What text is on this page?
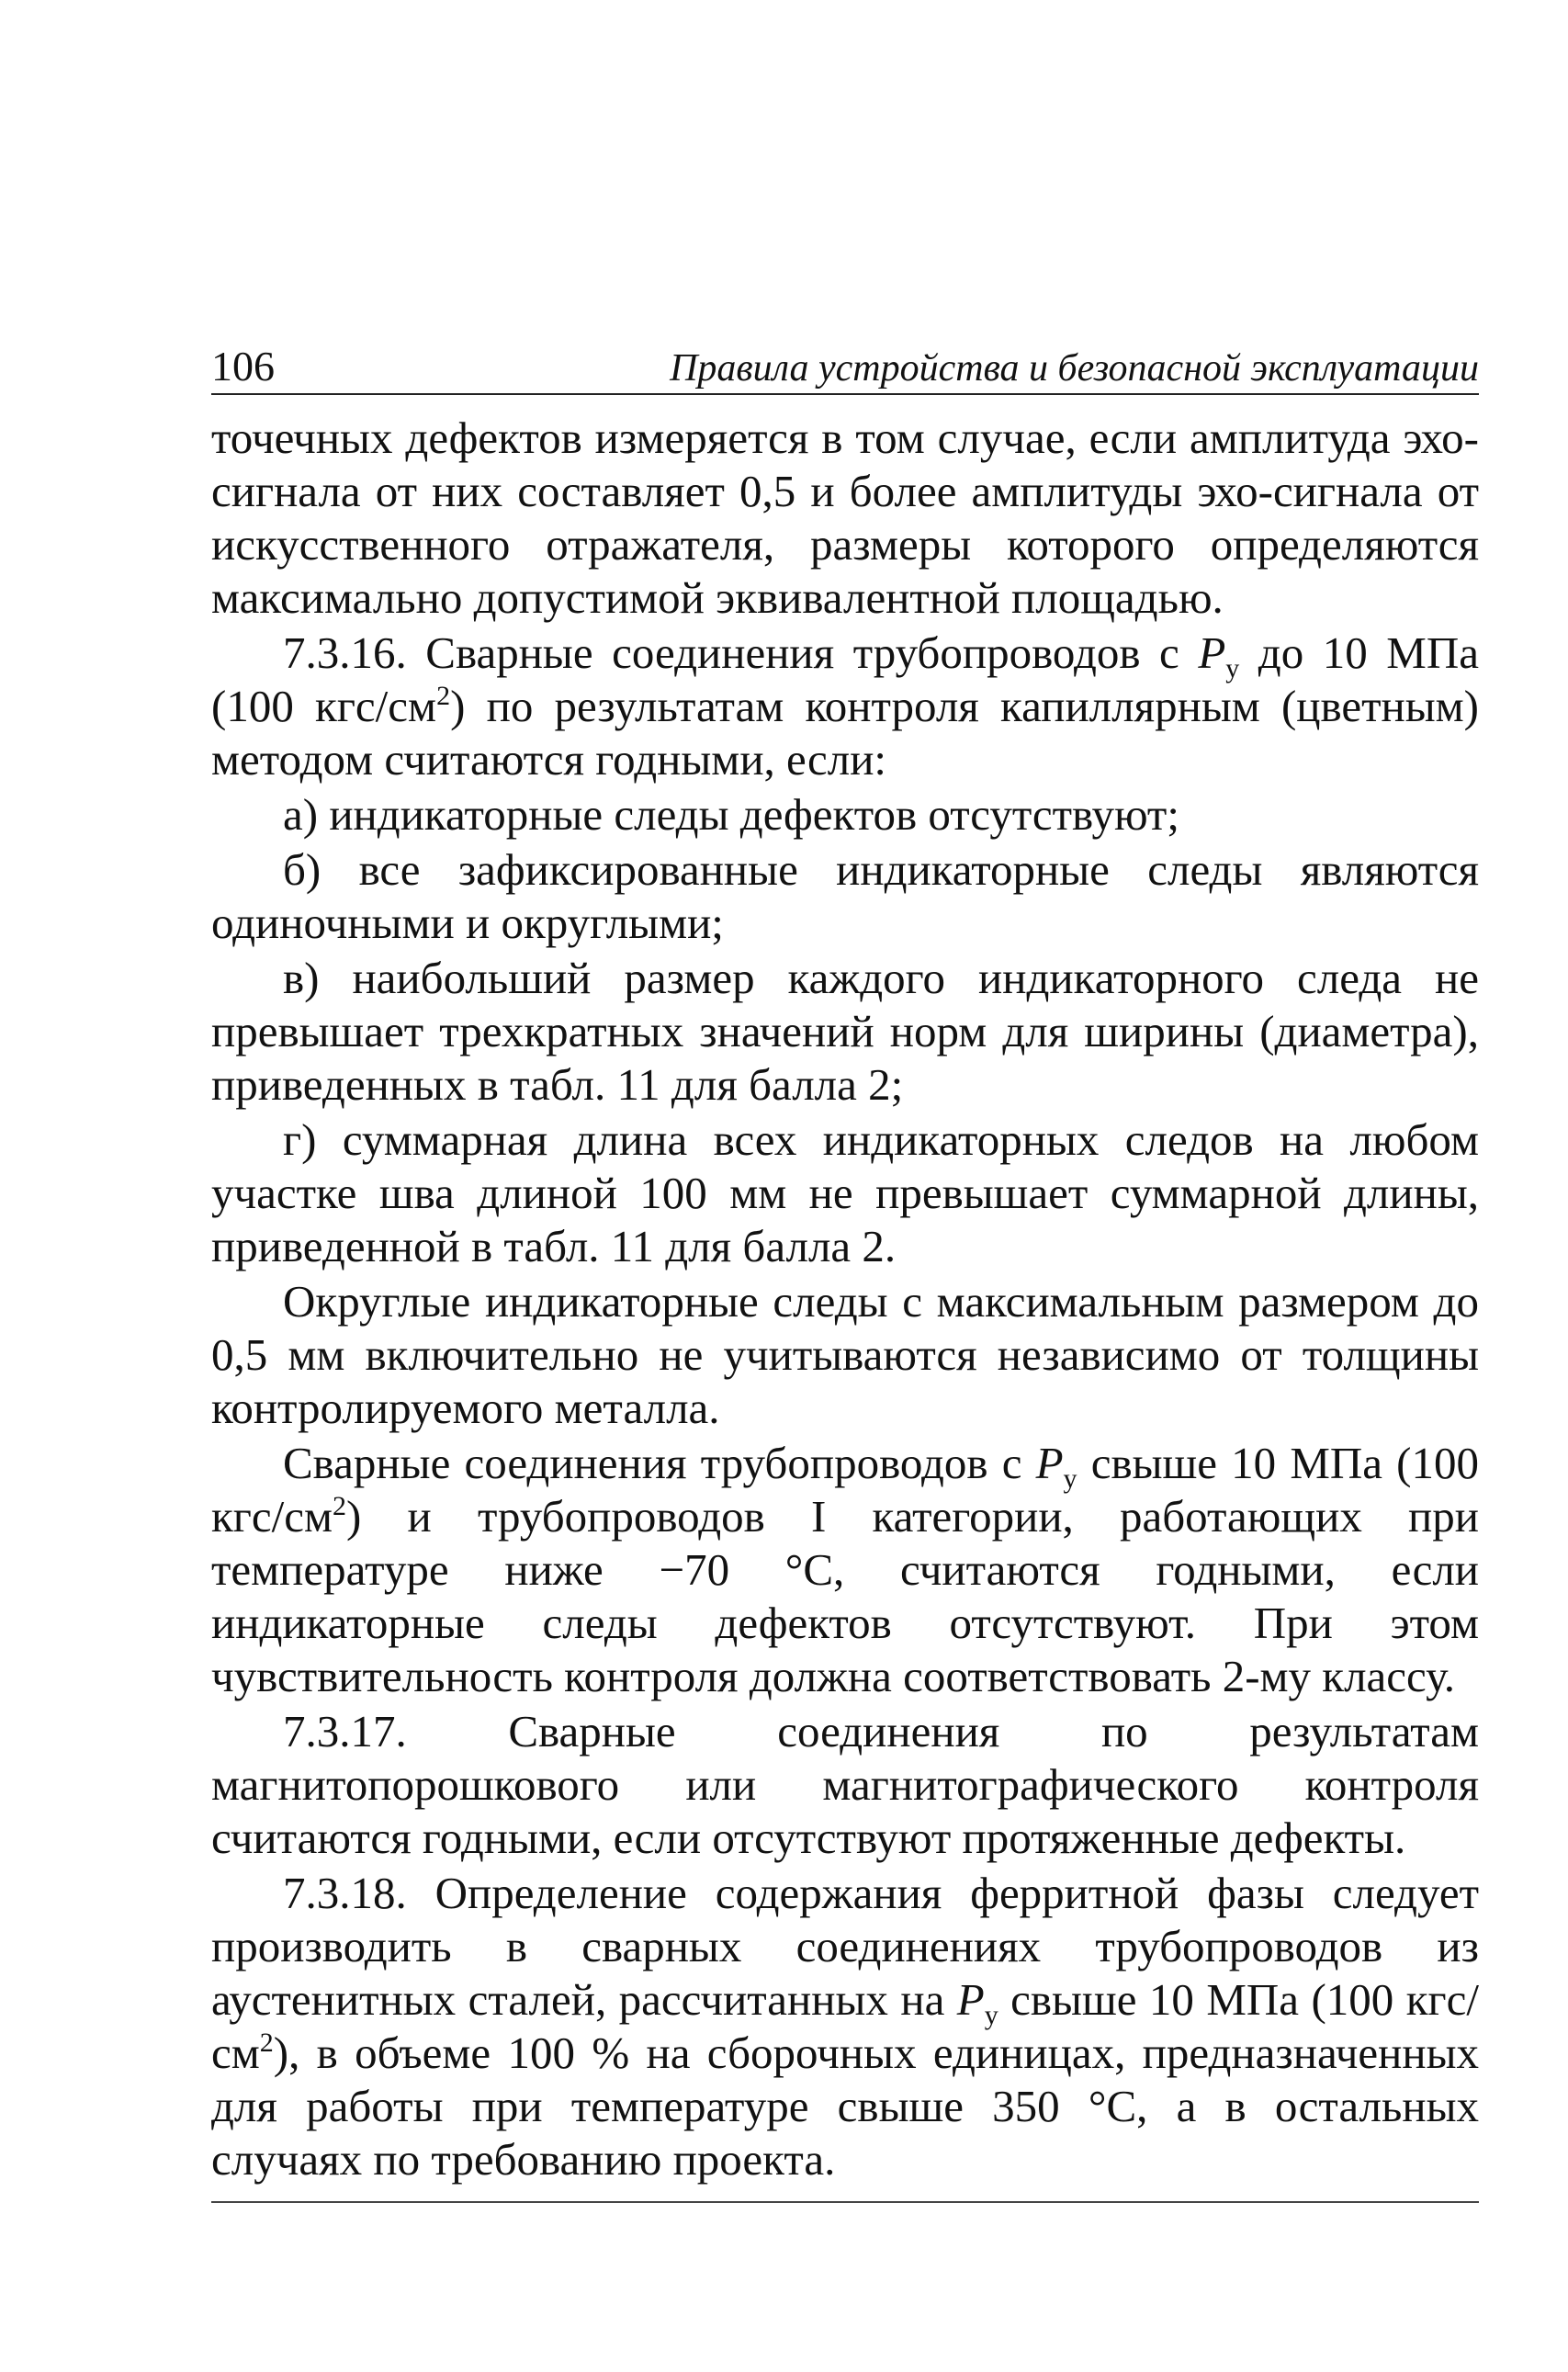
106	Правила устройства и безопасной эксплуатации

точечных дефектов измеряется в том случае, если амплитуда эхо-сигнала от них составляет 0,5 и более амплитуды эхо-сигнала от искусственного отражателя, размеры которого определяются максимально допустимой эквивалентной площадью.

7.3.16. Сварные соединения трубопроводов с $P_у$ до 10 МПа (100 кгс/$см^2$) по результатам контроля капиллярным (цветным) методом считаются годными, если:

а) индикаторные следы дефектов отсутствуют;

б) все зафиксированные индикаторные следы являются одиночными и округлыми;

в) наибольший размер каждого индикаторного следа не превышает трехкратных значений норм для ширины (диаметра), приведенных в табл. 11 для балла 2;

г) суммарная длина всех индикаторных следов на любом участке шва длиной 100 мм не превышает суммарной длины, приведенной в табл. 11 для балла 2.

Округлые индикаторные следы с максимальным размером до 0,5 мм включительно не учитываются независимо от толщины контролируемого металла.

Сварные соединения трубопроводов с $P_у$ свыше 10 МПа (100 кгс/$см^2$) и трубопроводов I категории, работающих при температуре ниже −70 °С, считаются годными, если индикаторные следы дефектов отсутствуют. При этом чувствительность контроля должна соответствовать 2-му классу.

7.3.17. Сварные соединения по результатам магнитопорошкового или магнитографического контроля считаются годными, если отсутствуют протяженные дефекты.

7.3.18. Определение содержания ферритной фазы следует производить в сварных соединениях трубопроводов из аустенитных сталей, рассчитанных на $P_у$ свыше 10 МПа (100 кгс/$см^2$), в объеме 100 % на сборочных единицах, предназначенных для работы при температуре свыше 350 °С, а в остальных случаях по требованию проекта.
